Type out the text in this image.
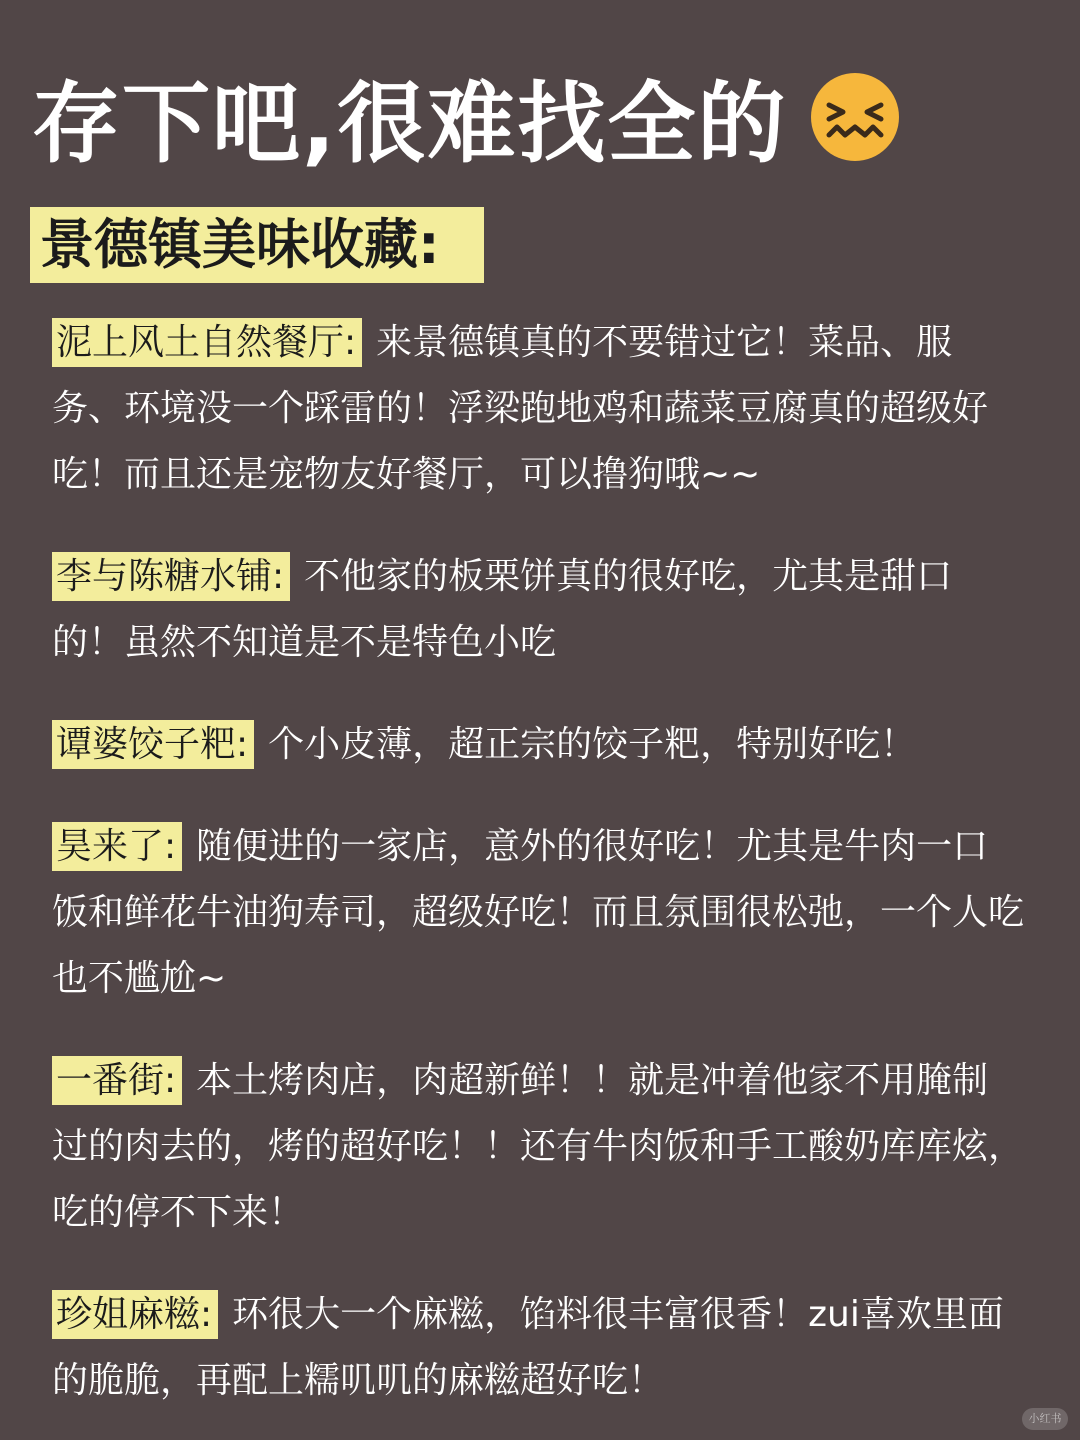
存下吧,很难找全的
景德镇美味收藏:

泥上风土自然餐厅: 来景德镇真的不要错过它！菜品、服务、环境没一个踩雷的！浮梁跑地鸡和蔬菜豆腐真的超级好吃！而且还是宠物友好餐厅，可以撸狗哦~~

李与陈糖水铺: 不他家的板栗饼真的很好吃，尤其是甜口的！虽然不知道是不是特色小吃

谭婆饺子粑: 个小皮薄，超正宗的饺子粑，特别好吃！

昊来了: 随便进的一家店，意外的很好吃！尤其是牛肉一口饭和鲜花牛油狗寿司，超级好吃！而且氛围很松弛，一个人吃也不尴尬~

一番街: 本土烤肉店，肉超新鲜！！就是冲着他家不用腌制过的肉去的，烤的超好吃！！还有牛肉饭和手工酸奶库库炫，吃的停不下来！

珍姐麻糍: 环很大一个麻糍，馅料很丰富很香！zui喜欢里面的脆脆，再配上糯叽叽的麻糍超好吃！

小红书
